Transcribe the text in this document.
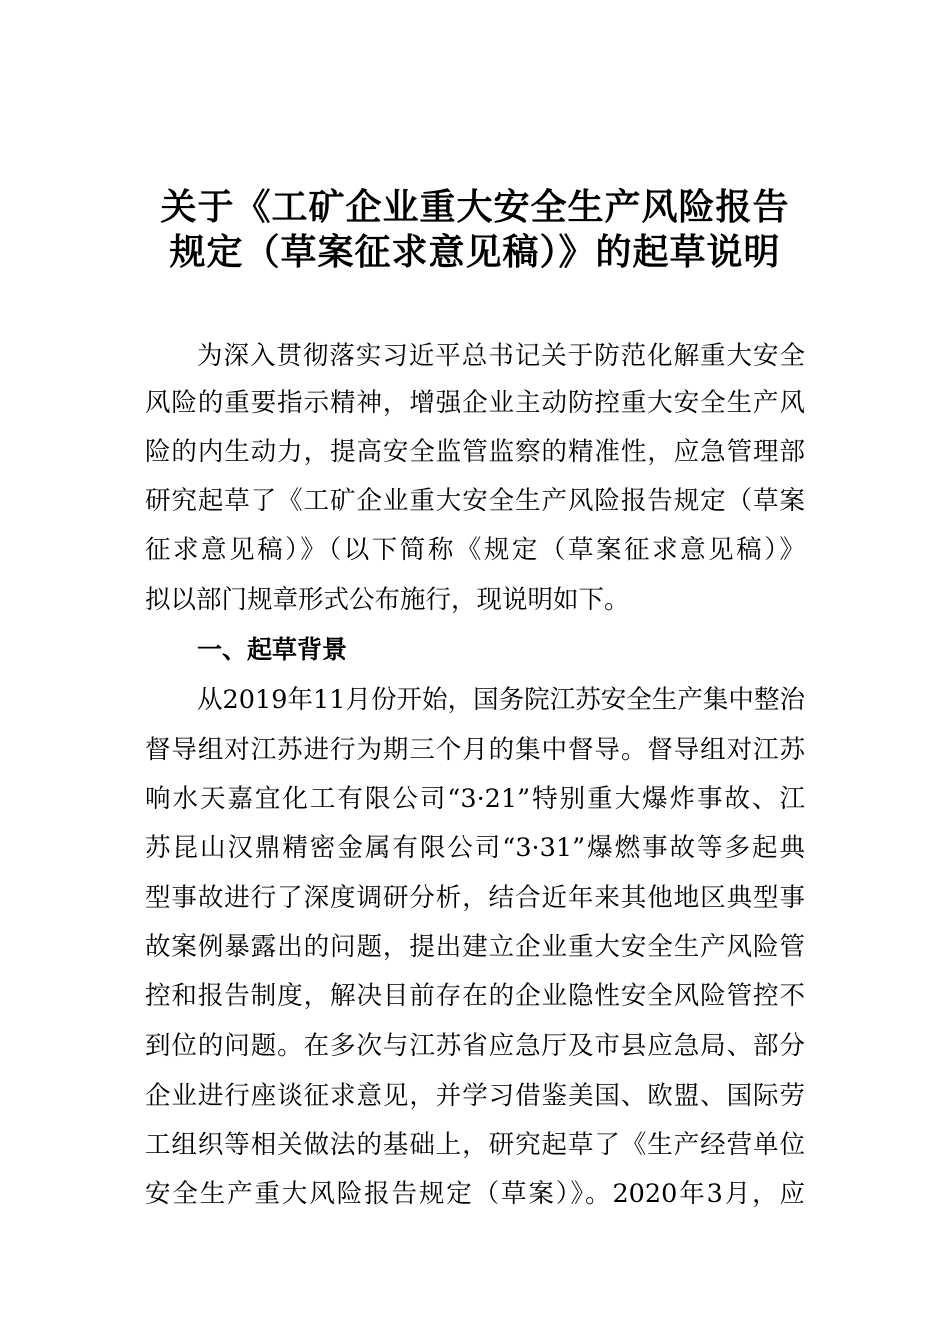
关于《工矿企业重大安全生产风险报告
规定（草案征求意见稿）》的起草说明
为深入贯彻落实习近平总书记关于防范化解重大安全
风险的重要指示精神，增强企业主动防控重大安全生产风
险的内生动力，提高安全监管监察的精准性，应急管理部
研究起草了《工矿企业重大安全生产风险报告规定（草案
征求意见稿）》（以下简称《规定（草案征求意见稿）》
拟以部门规章形式公布施行，现说明如下。
一、起草背景
从2019年11月份开始，国务院江苏安全生产集中整治
督导组对江苏进行为期三个月的集中督导。督导组对江苏
响水天嘉宜化工有限公司“3·21”特别重大爆炸事故、江
苏昆山汉鼎精密金属有限公司“3·31”爆燃事故等多起典
型事故进行了深度调研分析，结合近年来其他地区典型事
故案例暴露出的问题，提出建立企业重大安全生产风险管
控和报告制度，解决目前存在的企业隐性安全风险管控不
到位的问题。在多次与江苏省应急厅及市县应急局、部分
企业进行座谈征求意见，并学习借鉴美国、欧盟、国际劳
工组织等相关做法的基础上，研究起草了《生产经营单位
安全生产重大风险报告规定（草案）》。2020年3月，应
